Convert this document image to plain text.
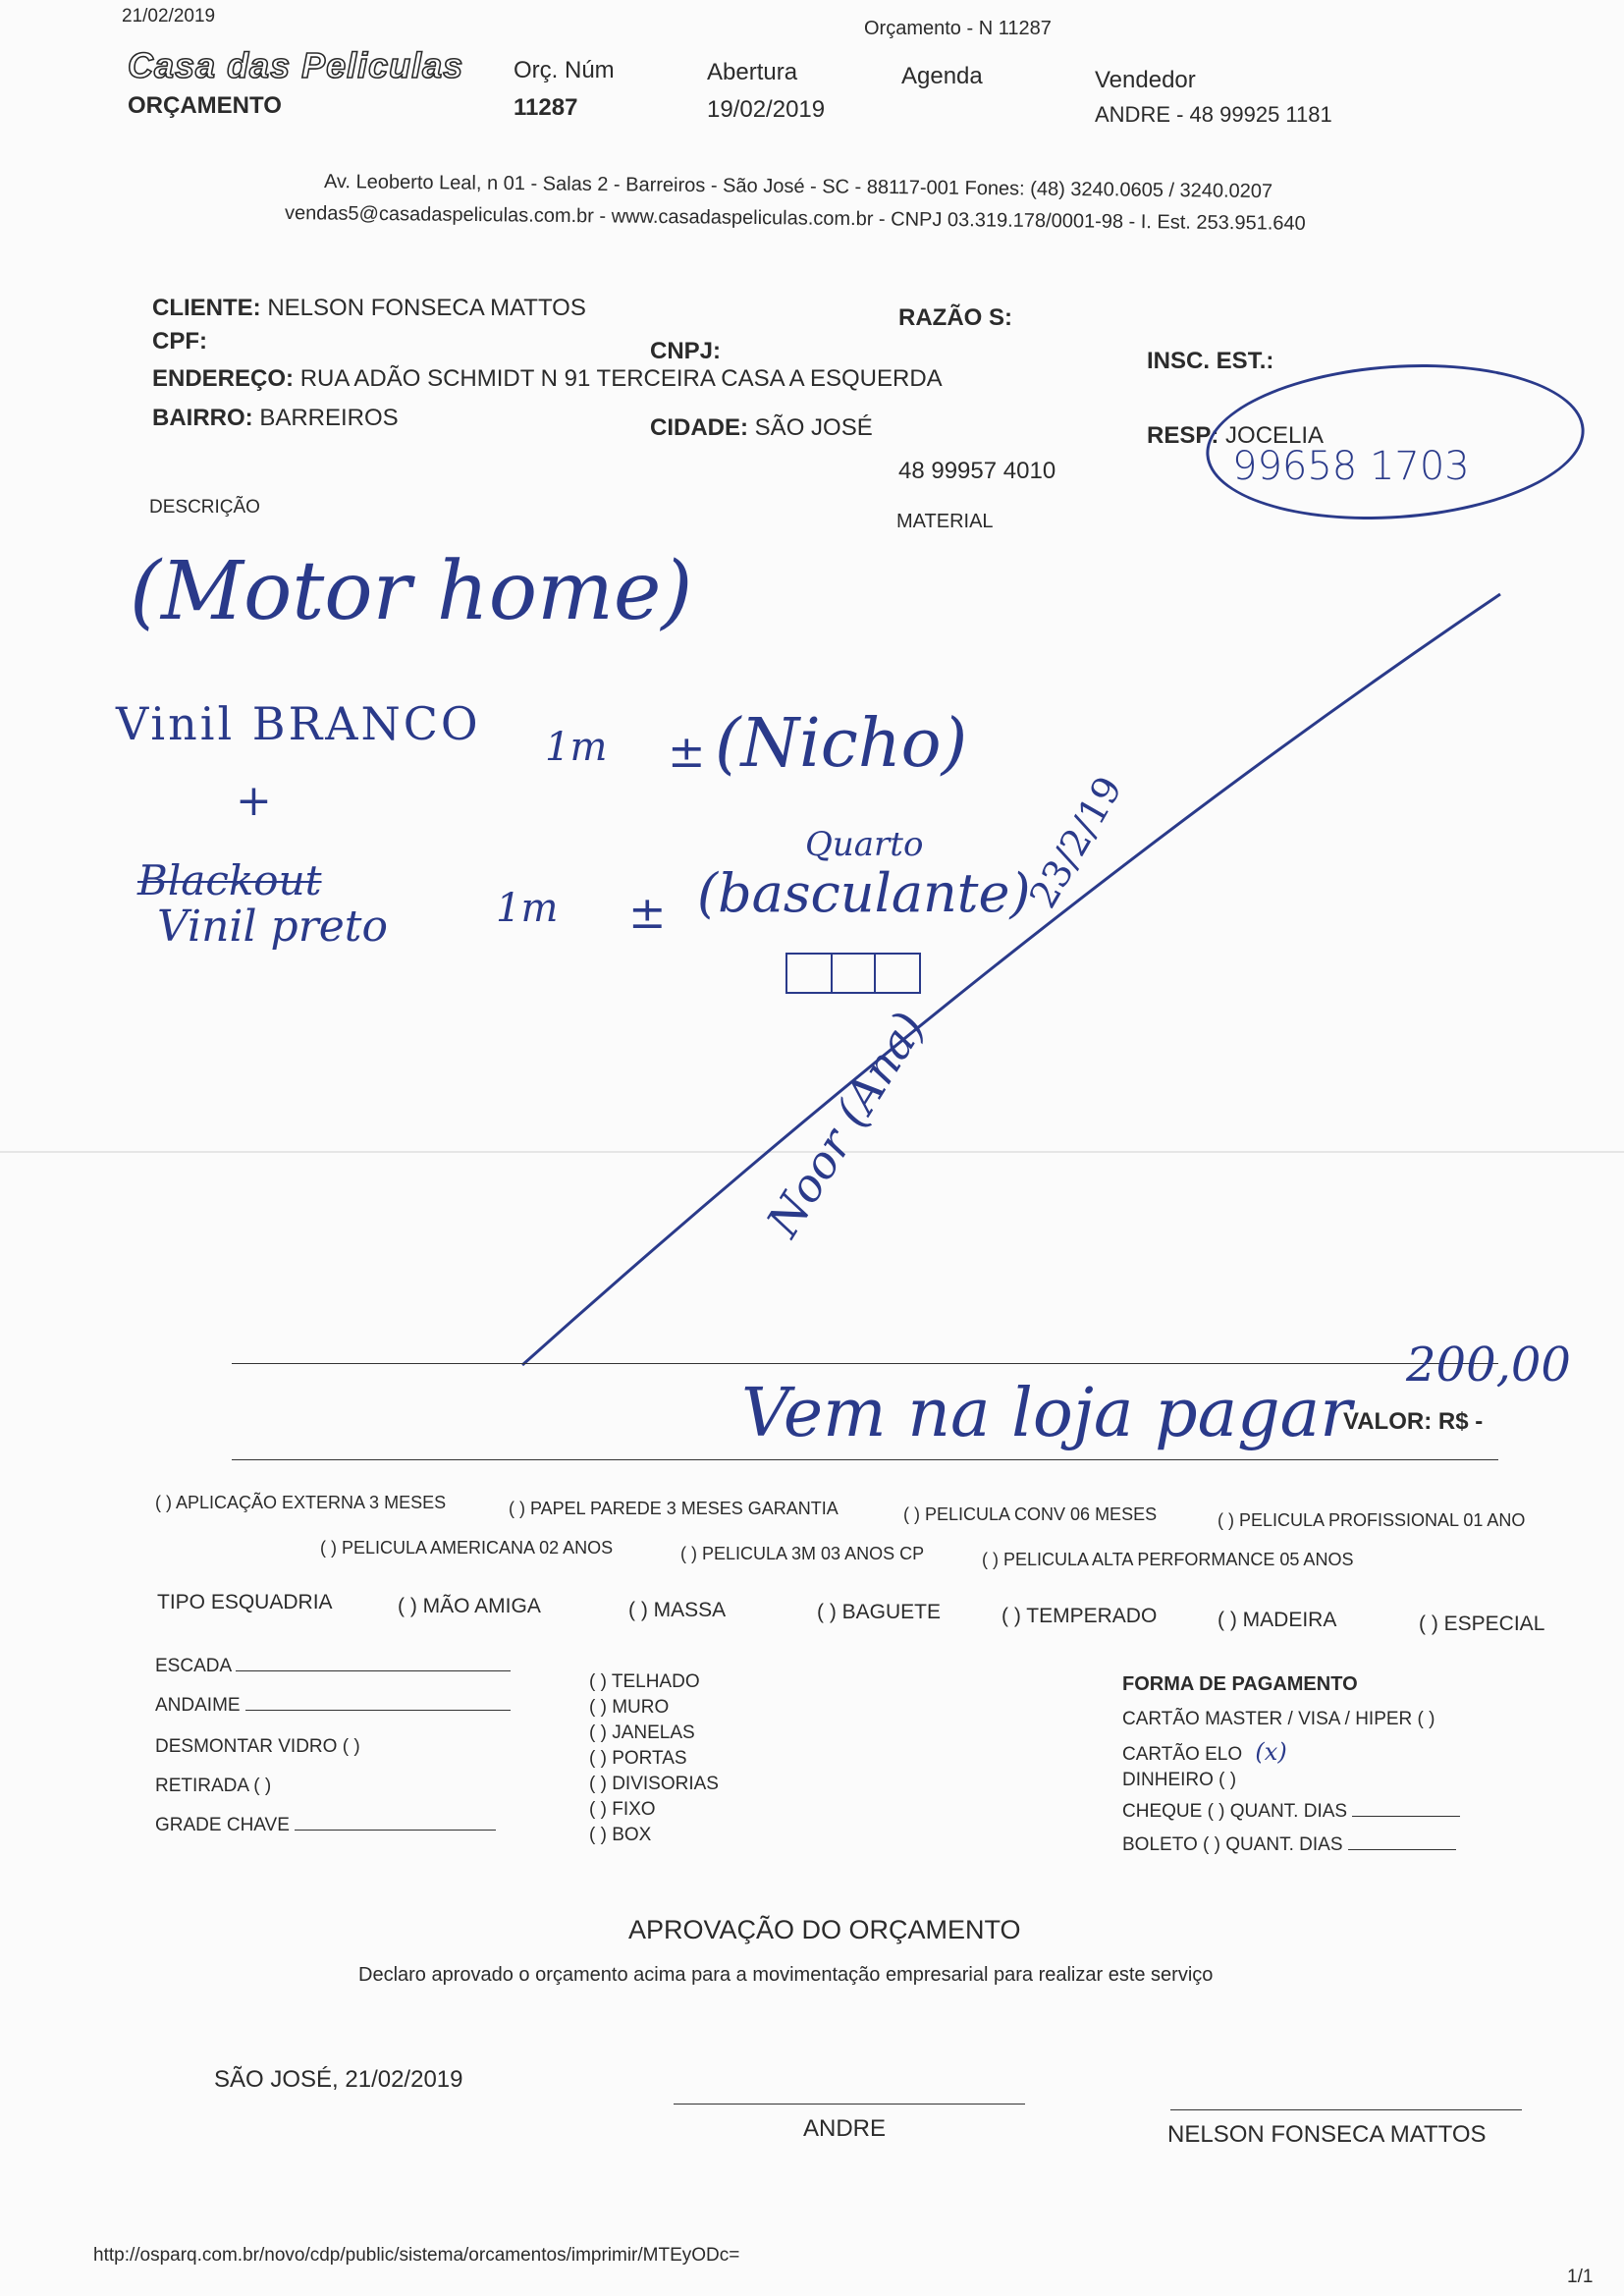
21/02/2019
Orçamento - N 11287
Casa das Peliculas
ORÇAMENTO
Orç. Núm
11287
Abertura
19/02/2019
Agenda	Vendedor
ANDRE - 48 99925 1181
Av. Leoberto Leal, n 01 - Salas 2 - Barreiros - São José - SC - 88117-001 Fones: (48) 3240.0605 / 3240.0207
vendas5@casadaspeliculas.com.br - www.casadaspeliculas.com.br - CNPJ 03.319.178/0001-98 - I. Est. 253.951.640
CLIENTE: NELSON FONSECA MATTOS	RAZÃO S:
CPF:	CNPJ:	INSC. EST.:
ENDEREÇO: RUA ADÃO SCHMIDT N 91 TERCEIRA CASA A ESQUERDA
BAIRRO: BARREIROS	CIDADE: SÃO JOSÉ	RESP: JOCELIA
48 99957 4010	99658 1703
DESCRIÇÃO
MATERIAL
(Motor home)
Vinil BRANCO 1m ± (Nicho)
+
Blackout
Vinil preto	1m ±
Quarto
(basculante)
23/2/19
Noor (Ana)
200,00
Vem na loja pagar
VALOR: R$ -
( ) APLICAÇÃO EXTERNA 3 MESES	( ) PAPEL PAREDE 3 MESES GARANTIA	( ) PELICULA CONV 06 MESES	( ) PELICULA PROFISSIONAL 01 ANO
( ) PELICULA AMERICANA 02 ANOS	( ) PELICULA 3M 03 ANOS CP	( ) PELICULA ALTA PERFORMANCE 05 ANOS
TIPO ESQUADRIA	( ) MÃO AMIGA	( ) MASSA	( ) BAGUETE	( ) TEMPERADO	( ) MADEIRA	( ) ESPECIAL
ESCADA
ANDAIME
DESMONTAR VIDRO ( )
RETIRADA ( )
GRADE CHAVE
( ) TELHADO
( ) MURO
( ) JANELAS
( ) PORTAS
( ) DIVISORIAS
( ) FIXO
( ) BOX
FORMA DE PAGAMENTO
CARTÃO MASTER / VISA / HIPER ( )
CARTÃO ELO (x)
DINHEIRO ( )
CHEQUE ( ) QUANT. DIAS
BOLETO ( ) QUANT. DIAS
APROVAÇÃO DO ORÇAMENTO
Declaro aprovado o orçamento acima para a movimentação empresarial para realizar este serviço
SÃO JOSÉ, 21/02/2019
ANDRE	NELSON FONSECA MATTOS
http://osparq.com.br/novo/cdp/public/sistema/orcamentos/imprimir/MTEyODc=
1/1
